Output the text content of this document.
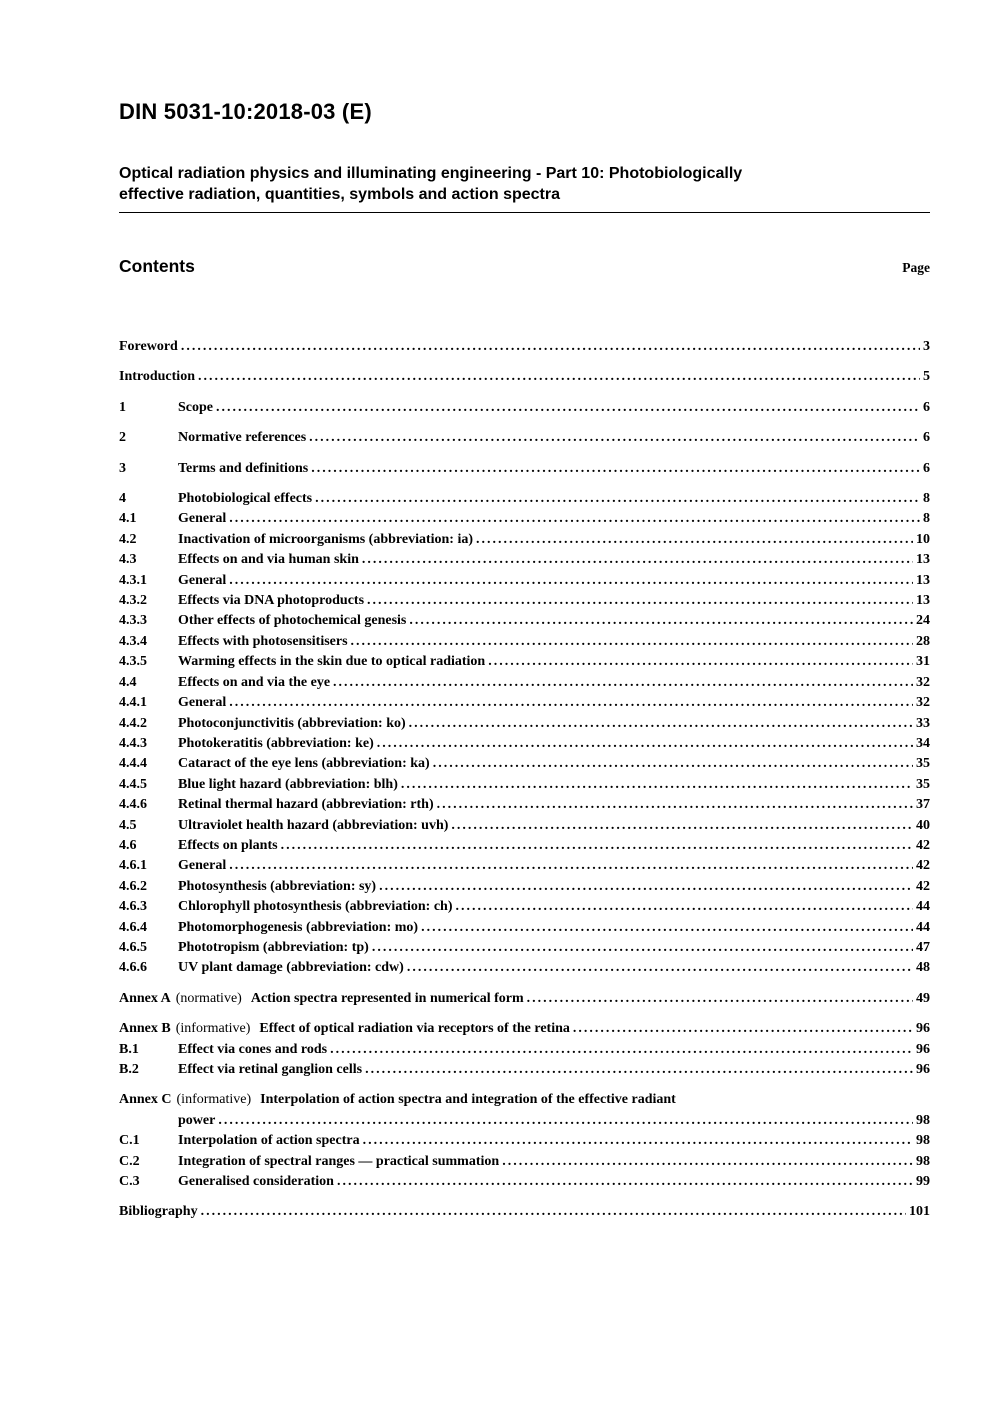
DIN 5031-10:2018-03 (E)
Optical radiation physics and illuminating engineering - Part 10: Photobiologically
effective radiation, quantities, symbols and action spectra
Contents	Page
Foreword .....	3
Introduction .....	5
1	Scope .....	6
2	Normative references .....	6
3	Terms and definitions .....	6
4	Photobiological effects .....	8
4.1	General .....	8
4.2	Inactivation of microorganisms (abbreviation: ia) .....	10
4.3	Effects on and via human skin .....	13
4.3.1	General .....	13
4.3.2	Effects via DNA photoproducts .....	13
4.3.3	Other effects of photochemical genesis .....	24
4.3.4	Effects with photosensitisers .....	28
4.3.5	Warming effects in the skin due to optical radiation .....	31
4.4	Effects on and via the eye .....	32
4.4.1	General .....	32
4.4.2	Photoconjunctivitis (abbreviation: ko) .....	33
4.4.3	Photokeratitis (abbreviation: ke) .....	34
4.4.4	Cataract of the eye lens (abbreviation: ka) .....	35
4.4.5	Blue light hazard (abbreviation: blh) .....	35
4.4.6	Retinal thermal hazard (abbreviation: rth) .....	37
4.5	Ultraviolet health hazard (abbreviation: uvh) .....	40
4.6	Effects on plants .....	42
4.6.1	General .....	42
4.6.2	Photosynthesis (abbreviation: sy) .....	42
4.6.3	Chlorophyll photosynthesis (abbreviation: ch) .....	44
4.6.4	Photomorphogenesis (abbreviation: mo) .....	44
4.6.5	Phototropism (abbreviation: tp) .....	47
4.6.6	UV plant damage (abbreviation: cdw) .....	48
Annex A (normative) Action spectra represented in numerical form .....	49
Annex B (informative) Effect of optical radiation via receptors of the retina .....	96
B.1	Effect via cones and rods .....	96
B.2	Effect via retinal ganglion cells .....	96
Annex C (informative) Interpolation of action spectra and integration of the effective radiant
power .....	98
C.1	Interpolation of action spectra .....	98
C.2	Integration of spectral ranges — practical summation .....	98
C.3	Generalised consideration .....	99
Bibliography .....	101
